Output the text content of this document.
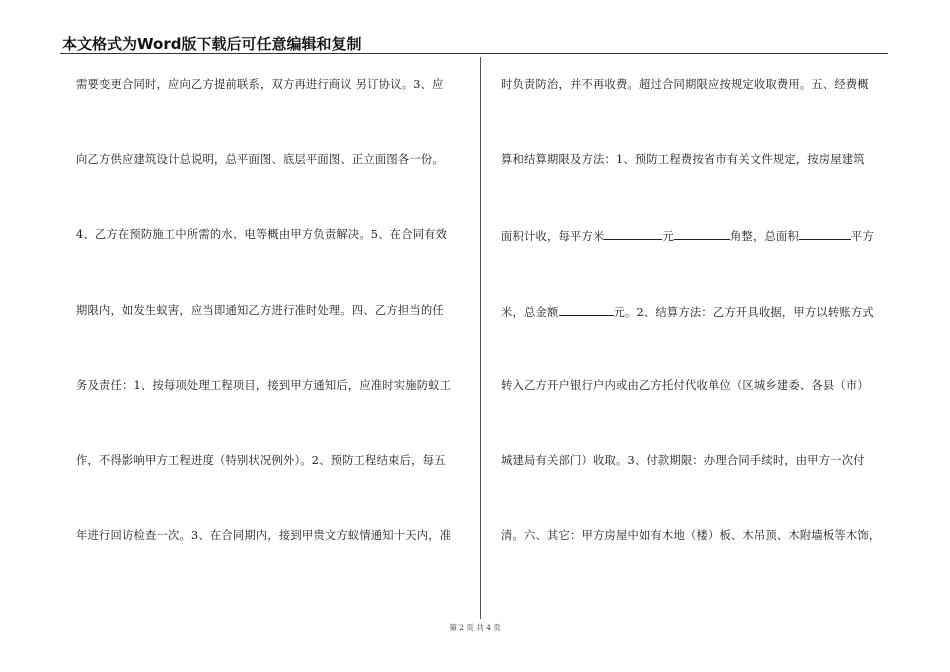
本文格式为Word版下载后可任意编辑和复制
需要变更合同时，应向乙方提前联系，双方再进行商议 另订协议。3、应
向乙方供应建筑设计总说明，总平面图、底层平面图、正立面图各一份。
4、乙方在预防施工中所需的水、电等概由甲方负责解决。5、在合同有效
期限内，如发生蚁害，应当即通知乙方进行准时处理。四、乙方担当的任
务及责任：1、按每项处理工程项目，接到甲方通知后，应准时实施防蚁工
作，不得影响甲方工程进度（特别状况例外）。2、预防工程结束后，每五
年进行回访检查一次。3、在合同期内，接到甲贵文方蚁情通知十天内，准
时负责防治，并不再收费。超过合同期限应按规定收取费用。五、经费概
算和结算期限及方法：1、预防工程费按省市有关文件规定，按房屋建筑
面积计收，每平方米	元	角整，总面积	平方
米，总金额	元。2、结算方法：乙方开具收据，甲方以转账方式
转入乙方开户银行户内或由乙方托付代收单位（区城乡建委、各县（市）
城建局有关部门）收取。3、付款期限：办理合同手续时，由甲方一次付
清。六、其它：甲方房屋中如有木地（楼）板、木吊顶、木附墙板等木饰，
第 2 页 共 4 页
